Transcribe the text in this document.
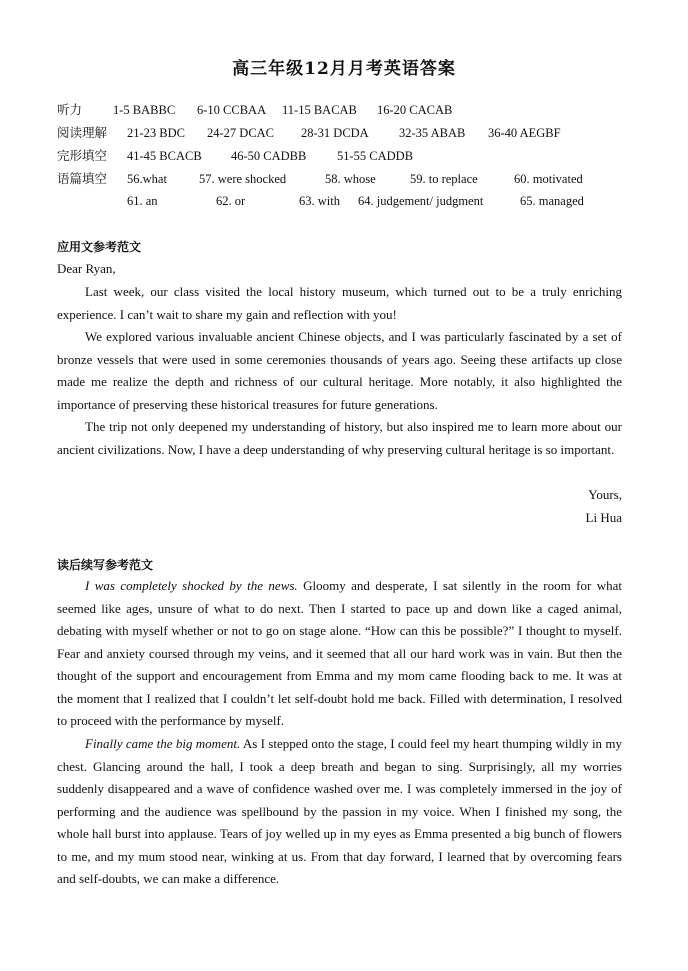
高三年级12月月考英语答案
听力 1-5 BABBC 6-10 CCBAA 11-15 BACAB 16-20 CACAB
阅读理解 21-23 BDC 24-27 DCAC 28-31 DCDA 32-35 ABAB 36-40 AEGBF
完形填空 41-45 BCACB 46-50 CADBB 51-55 CADDB
语篇填空 56.what	57. were shocked	58. whose	59. to replace	60. motivated
61. an	62. or	63. with 64. judgement/ judgment	65. managed
应用文参考范文
Dear Ryan,

Last week, our class visited the local history museum, which turned out to be a truly enriching experience. I can’t wait to share my gain and reflection with you!

We explored various invaluable ancient Chinese objects, and I was particularly fascinated by a set of bronze vessels that were used in some ceremonies thousands of years ago. Seeing these artifacts up close made me realize the depth and richness of our cultural heritage. More notably, it also highlighted the importance of preserving these historical treasures for future generations.

The trip not only deepened my understanding of history, but also inspired me to learn more about our ancient civilizations. Now, I have a deep understanding of why preserving cultural heritage is so important.

Yours,
Li Hua
读后续写参考范文

I was completely shocked by the news. Gloomy and desperate, I sat silently in the room for what seemed like ages, unsure of what to do next. Then I started to pace up and down like a caged animal, debating with myself whether or not to go on stage alone. “How can this be possible?” I thought to myself. Fear and anxiety coursed through my veins, and it seemed that all our hard work was in vain. But then the thought of the support and encouragement from Emma and my mom came flooding back to me. It was at the moment that I realized that I couldn’t let self-doubt hold me back. Filled with determination, I resolved to proceed with the performance by myself.

Finally came the big moment. As I stepped onto the stage, I could feel my heart thumping wildly in my chest. Glancing around the hall, I took a deep breath and began to sing. Surprisingly, all my worries suddenly disappeared and a wave of confidence washed over me. I was completely immersed in the joy of performing and the audience was spellbound by the passion in my voice. When I finished my song, the whole hall burst into applause. Tears of joy welled up in my eyes as Emma presented a big bunch of flowers to me, and my mum stood near, winking at us. From that day forward, I learned that by overcoming fears and self-doubts, we can make a difference.
